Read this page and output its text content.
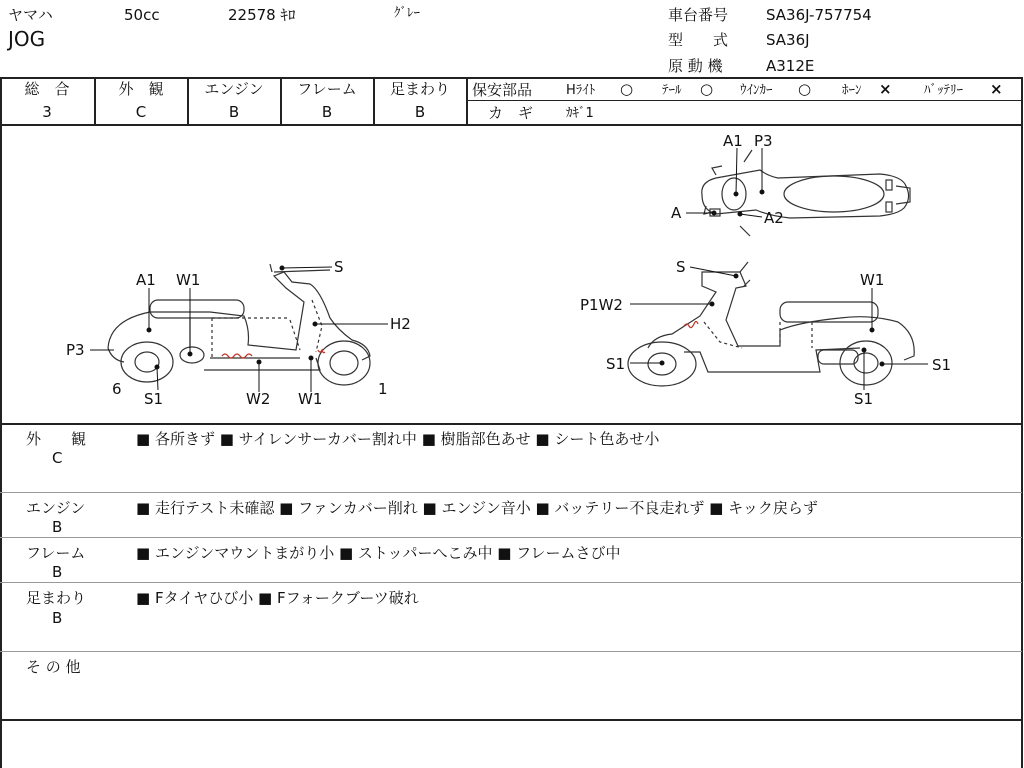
ヤマハ	50cc	22578 ｷﾛ	ｸﾞﾚｰ
JOG
車台番号	SA36J-757754
型　　式	SA36J
原 動 機	A312E
総　合
3
外　観
C
エンジン
B
フレーム
B
足まわり
B
保安部品	Hﾗｲﾄ ○ ﾃｰﾙ ○ ｳｲﾝｶｰ ○ ﾎｰﾝ × ﾊﾞｯﾃﾘｰ ×
カ　ギ	ｶｷﾞ1
A1 P3
A	A2
A1 W1
S
H2
P3
6
S1	W2 W1
1
S
W1
P1W2
S1	S1
S1
外　　観
C
■ 各所きず ■ サイレンサーカバー割れ中 ■ 樹脂部色あせ ■ シート色あせ小
エンジン
B
■ 走行テスト未確認 ■ ファンカバー削れ ■ エンジン音小 ■ バッテリー不良走れず ■ キック戻らず
フレーム
B
■ エンジンマウントまがり小 ■ ストッパーへこみ中 ■ フレームさび中
足まわり
B
■ Fタイヤひび小 ■ Fフォークブーツ破れ
そ の 他
